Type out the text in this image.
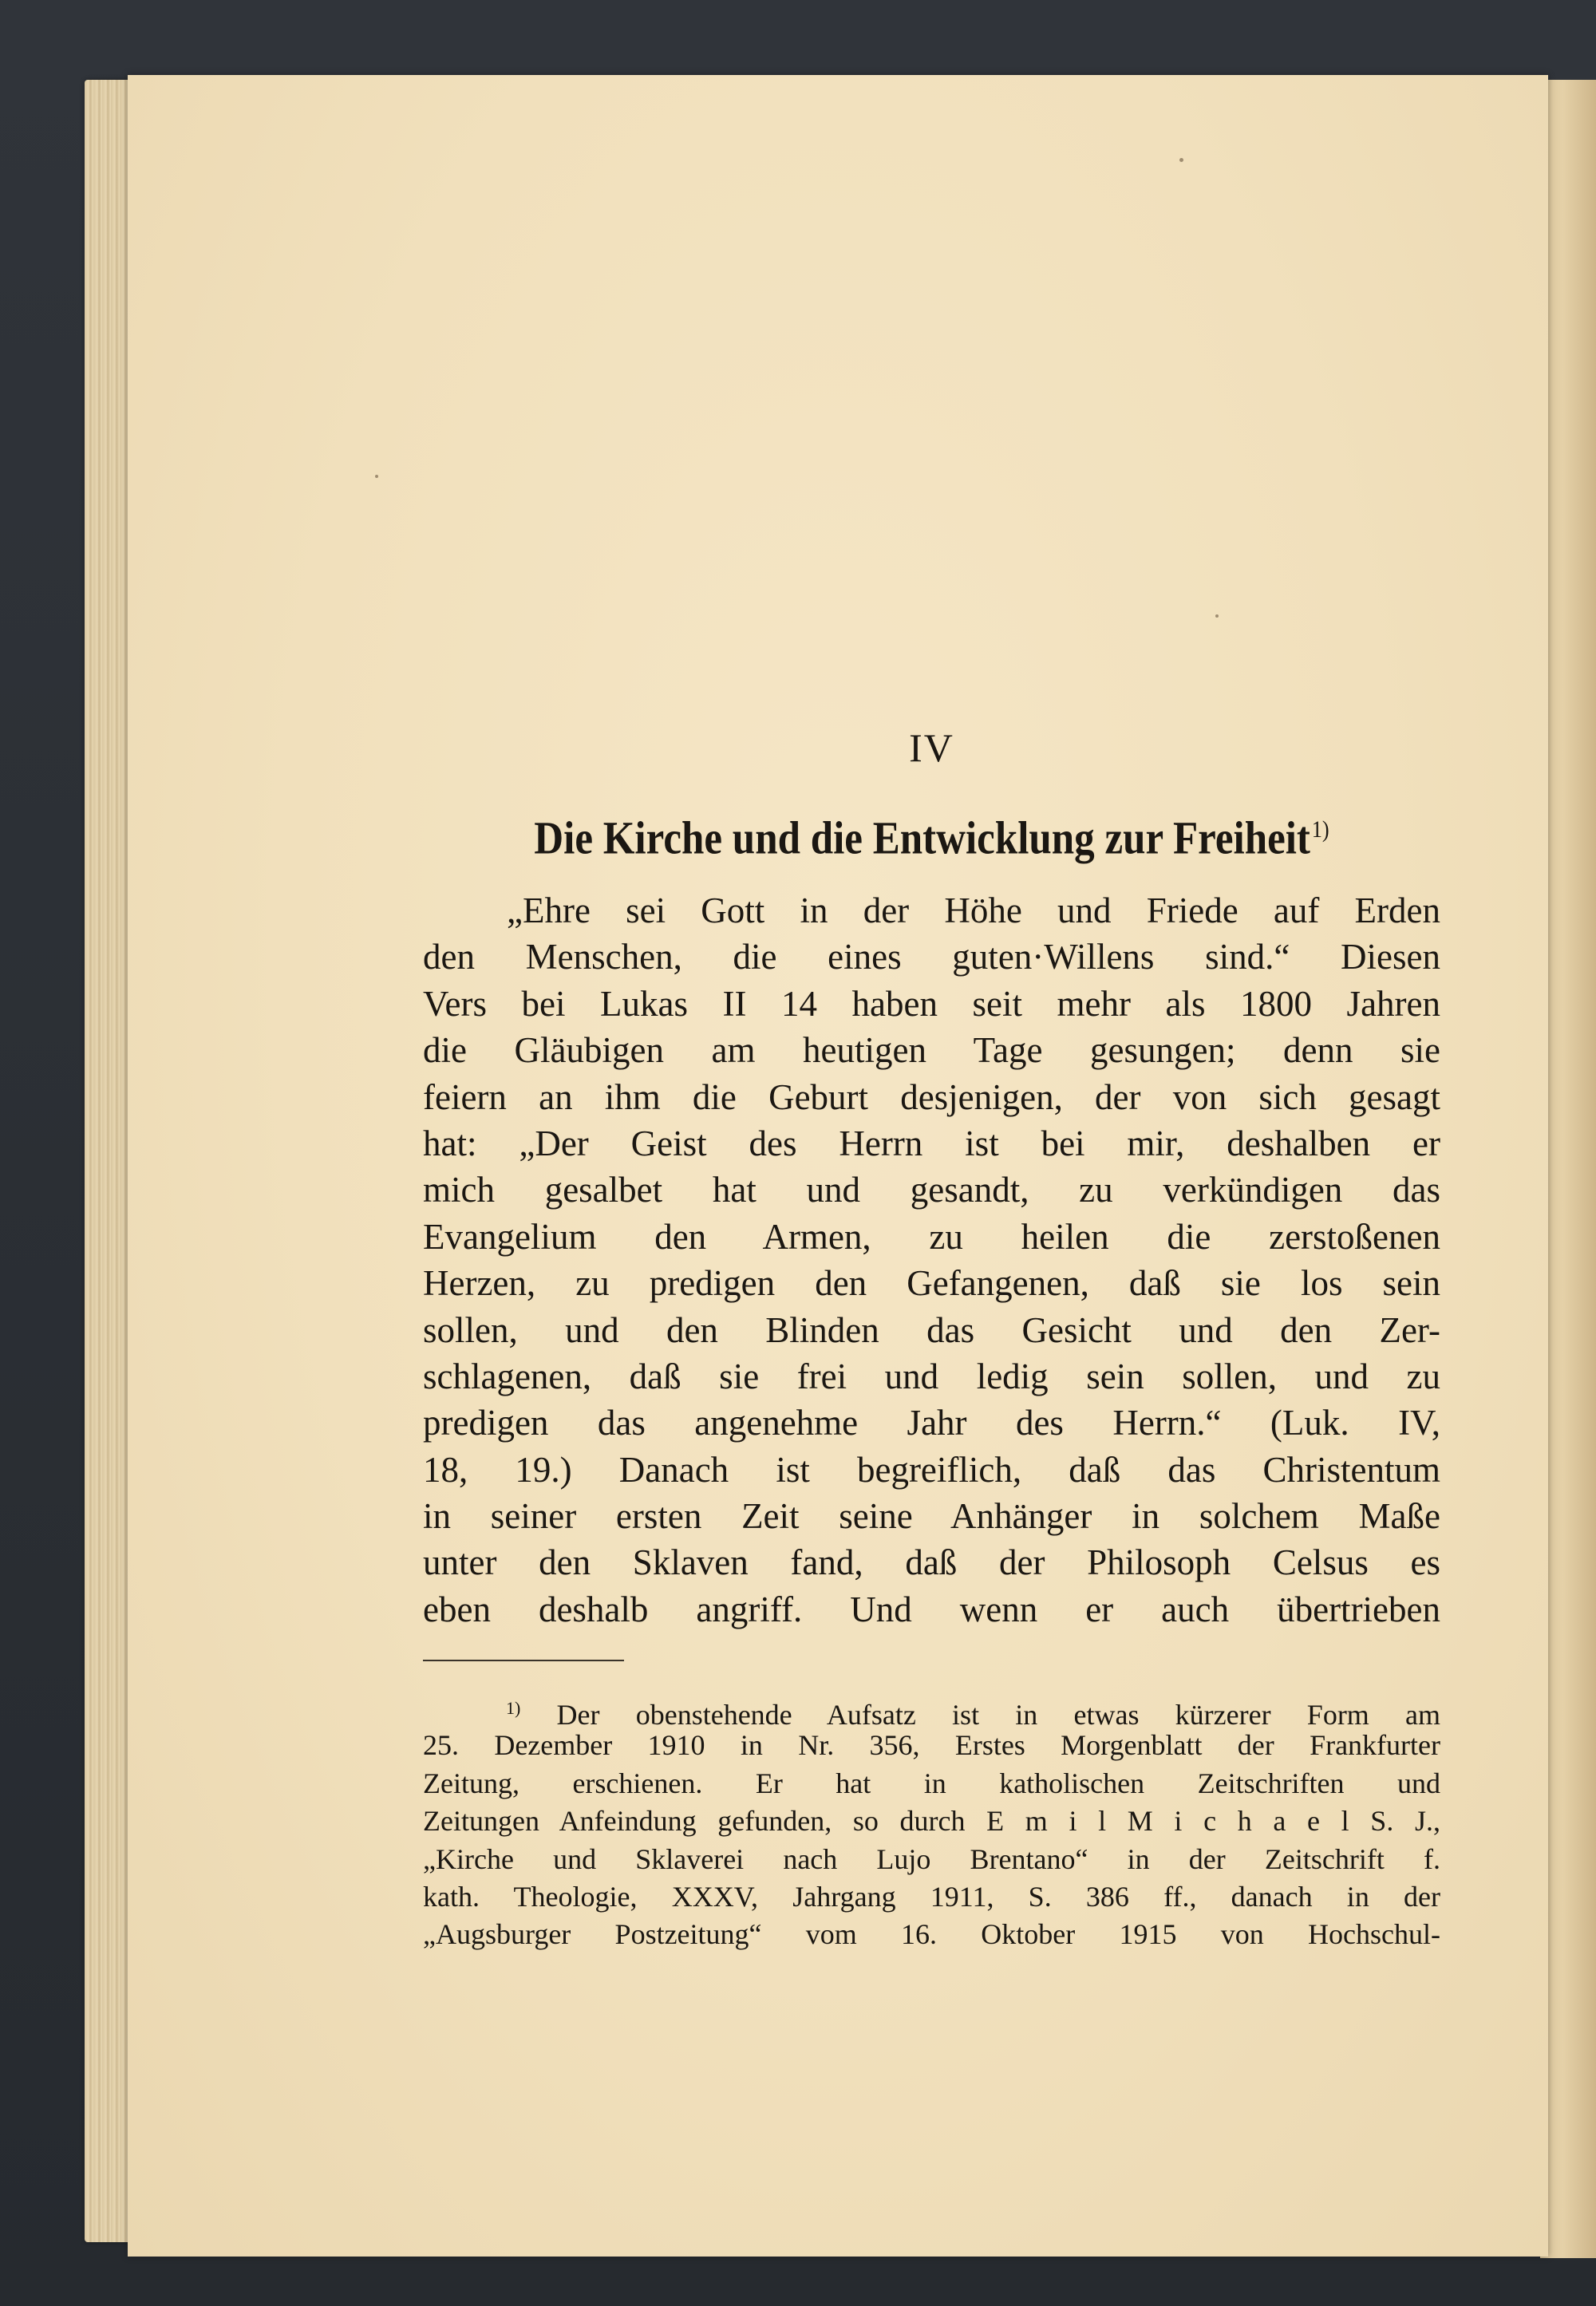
IV
Die Kirche und die Entwicklung zur Freiheit$^{1)}$
„Ehre sei Gott in der Höhe und Friede auf Erden
den Menschen, die eines guten·Willens sind.“ Diesen
Vers bei Lukas II 14 haben seit mehr als 1800 Jahren
die Gläubigen am heutigen Tage gesungen; denn sie
feiern an ihm die Geburt desjenigen, der von sich gesagt
hat: „Der Geist des Herrn ist bei mir, deshalben er
mich gesalbet hat und gesandt, zu verkündigen das
Evangelium den Armen, zu heilen die zerstoßenen
Herzen, zu predigen den Gefangenen, daß sie los sein
sollen, und den Blinden das Gesicht und den Zer-
schlagenen, daß sie frei und ledig sein sollen, und zu
predigen das angenehme Jahr des Herrn.“ (Luk. IV,
18, 19.) Danach ist begreiflich, daß das Christentum
in seiner ersten Zeit seine Anhänger in solchem Maße
unter den Sklaven fand, daß der Philosoph Celsus es
eben deshalb angriff. Und wenn er auch übertrieben
$^{1)}$ Der obenstehende Aufsatz ist in etwas kürzerer Form am
25. Dezember 1910 in Nr. 356, Erstes Morgenblatt der Frankfurter
Zeitung, erschienen. Er hat in katholischen Zeitschriften und
Zeitungen Anfeindung gefunden, so durch E m i l M i c h a e l S. J.,
„Kirche und Sklaverei nach Lujo Brentano“ in der Zeitschrift f.
kath. Theologie, XXXV, Jahrgang 1911, S. 386 ff., danach in der
„Augsburger Postzeitung“ vom 16. Oktober 1915 von Hochschul-
